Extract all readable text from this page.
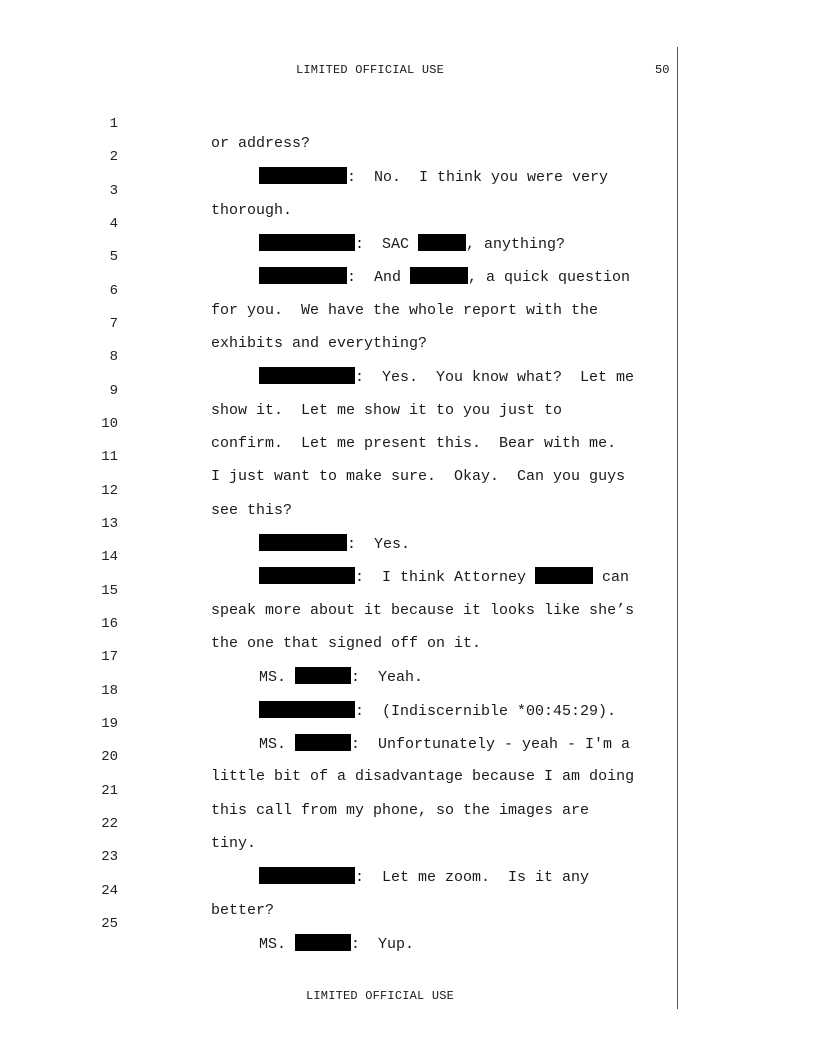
LIMITED OFFICIAL USE	50

1

or address?

2

:  No.  I think you were very

3

thorough.

4

:  SAC	, anything?

5

:  And	, a quick question

6

for you.  We have the whole report with the

7

exhibits and everything?

8

:  Yes.  You know what?  Let me

9

show it.  Let me show it to you just to

10

confirm.  Let me present this.  Bear with me.

11

I just want to make sure.  Okay.  Can you guys

12

see this?

13

:  Yes.

14

:  I think Attorney	can

15

speak more about it because it looks like she’s

16

the one that signed off on it.

17

MS.	:  Yeah.

18

:  (Indiscernible *00:45:29).

19

MS.	:  Unfortunately - yeah - I'm a

20

little bit of a disadvantage because I am doing

21

this call from my phone, so the images are

22

tiny.

23

:  Let me zoom.  Is it any

24

better?

25

MS.	:  Yup.

LIMITED OFFICIAL USE
